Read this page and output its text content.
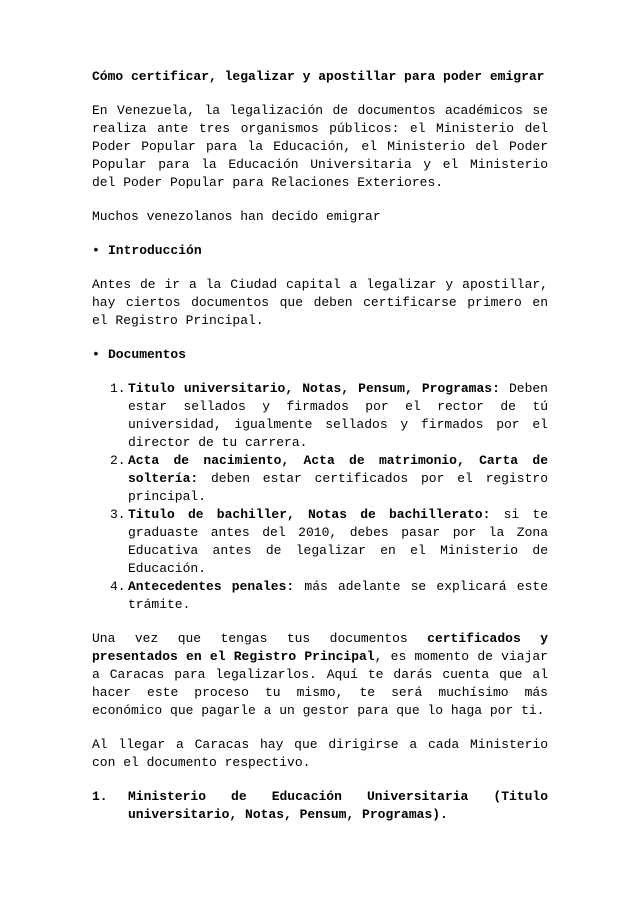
Cómo certificar, legalizar y apostillar para poder emigrar

En Venezuela, la legalización de documentos académicos se realiza ante tres organismos públicos: el Ministerio del Poder Popular para la Educación, el Ministerio del Poder Popular para la Educación Universitaria y el Ministerio del Poder Popular para Relaciones Exteriores.

Muchos venezolanos han decido emigrar

• Introducción

Antes de ir a la Ciudad capital a legalizar y apostillar, hay ciertos documentos que deben certificarse primero en el Registro Principal.

• Documentos
1. Titulo universitario, Notas, Pensum, Programas: Deben estar sellados y firmados por el rector de tú universidad, igualmente sellados y firmados por el director de tu carrera.
2. Acta de nacimiento, Acta de matrimonio, Carta de soltería: deben estar certificados por el registro principal.
3. Titulo de bachiller, Notas de bachillerato: si te graduaste antes del 2010, debes pasar por la Zona Educativa antes de legalizar en el Ministerio de Educación.
4. Antecedentes penales: más adelante se explicará este trámite.

Una vez que tengas tus documentos certificados y presentados en el Registro Principal, es momento de viajar a Caracas para legalizarlos. Aquí te darás cuenta que al hacer este proceso tu mismo, te será muchísimo más económico que pagarle a un gestor para que lo haga por ti.

Al llegar a Caracas hay que dirigirse a cada Ministerio con el documento respectivo.

1. Ministerio de Educación Universitaria (Titulo
universitario, Notas, Pensum, Programas).
